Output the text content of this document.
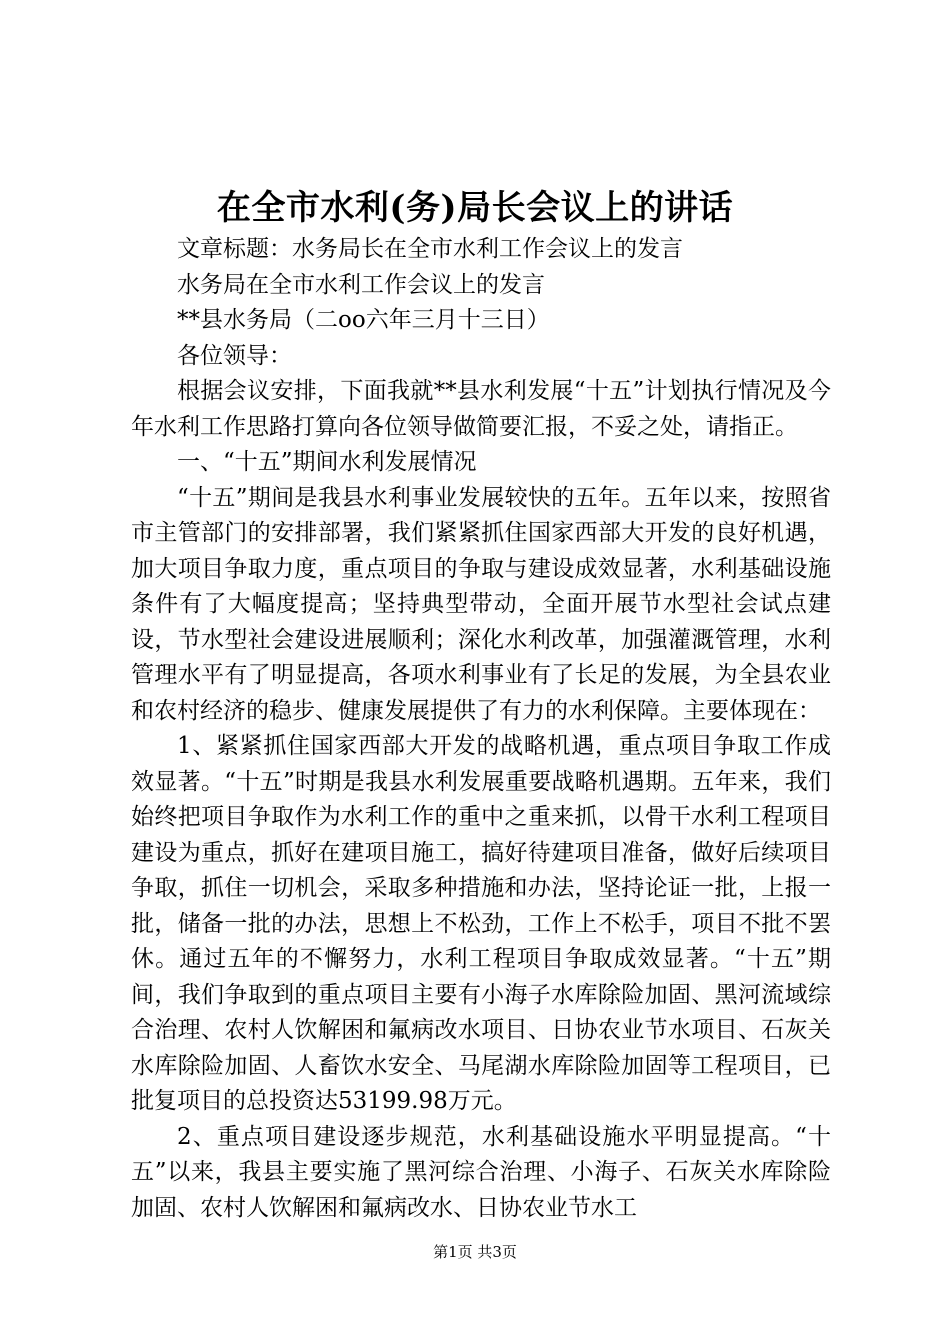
在全市水利(务)局长会议上的讲话

文章标题：水务局长在全市水利工作会议上的发言

水务局在全市水利工作会议上的发言

**县水务局（二oo六年三月十三日）

各位领导：

根据会议安排，下面我就**县水利发展“十五”计划执行情况及今年水利工作思路打算向各位领导做简要汇报，不妥之处，请指正。

一、“十五”期间水利发展情况

“十五”期间是我县水利事业发展较快的五年。五年以来，按照省市主管部门的安排部署，我们紧紧抓住国家西部大开发的良好机遇，加大项目争取力度，重点项目的争取与建设成效显著，水利基础设施条件有了大幅度提高；坚持典型带动，全面开展节水型社会试点建设，节水型社会建设进展顺利；深化水利改革，加强灌溉管理，水利管理水平有了明显提高，各项水利事业有了长足的发展，为全县农业和农村经济的稳步、健康发展提供了有力的水利保障。主要体现在：

1、紧紧抓住国家西部大开发的战略机遇，重点项目争取工作成效显著。“十五”时期是我县水利发展重要战略机遇期。五年来，我们始终把项目争取作为水利工作的重中之重来抓，以骨干水利工程项目建设为重点，抓好在建项目施工，搞好待建项目准备，做好后续项目争取，抓住一切机会，采取多种措施和办法，坚持论证一批，上报一批，储备一批的办法，思想上不松劲，工作上不松手，项目不批不罢休。通过五年的不懈努力，水利工程项目争取成效显著。“十五”期间，我们争取到的重点项目主要有小海子水库除险加固、黑河流域综合治理、农村人饮解困和氟病改水项目、日协农业节水项目、石灰关水库除险加固、人畜饮水安全、马尾湖水库除险加固等工程项目，已批复项目的总投资达53199.98万元。

2、重点项目建设逐步规范，水利基础设施水平明显提高。“十五”以来，我县主要实施了黑河综合治理、小海子、石灰关水库除险加固、农村人饮解困和氟病改水、日协农业节水工

第1页 共3页
